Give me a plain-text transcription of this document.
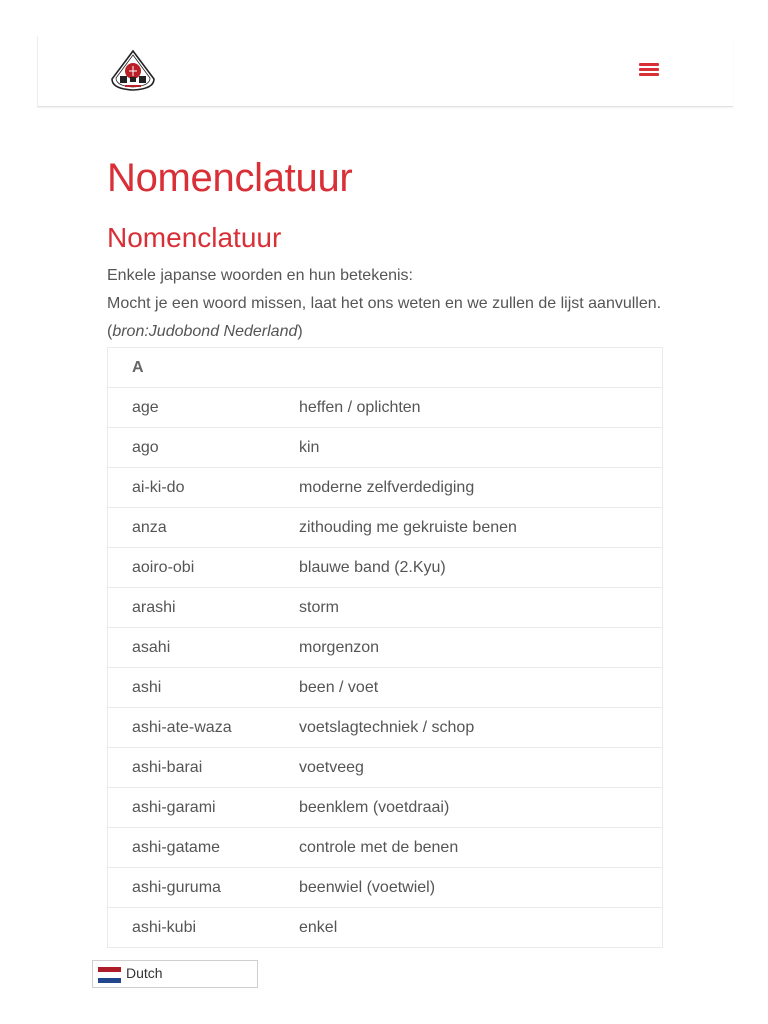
Nomenclatuur
Nomenclatuur

Enkele japanse woorden en hun betekenis:

Mocht je een woord missen, laat het ons weten en we zullen de lijst aanvullen.

(bron:Judobond Nederland)

A	
age	heffen / oplichten
ago	kin
ai-ki-do	moderne zelfverdediging
anza	zithouding me gekruiste benen
aoiro-obi	blauwe band (2.Kyu)
arashi	storm
asahi	morgenzon
ashi	been / voet
ashi-ate-waza	voetslagtechniek / schop
ashi-barai	voetveeg
ashi-garami	beenklem (voetdraai)
ashi-gatame	controle met de benen
ashi-guruma	beenwiel (voetwiel)
ashi-kubi	enkel
Dutch
